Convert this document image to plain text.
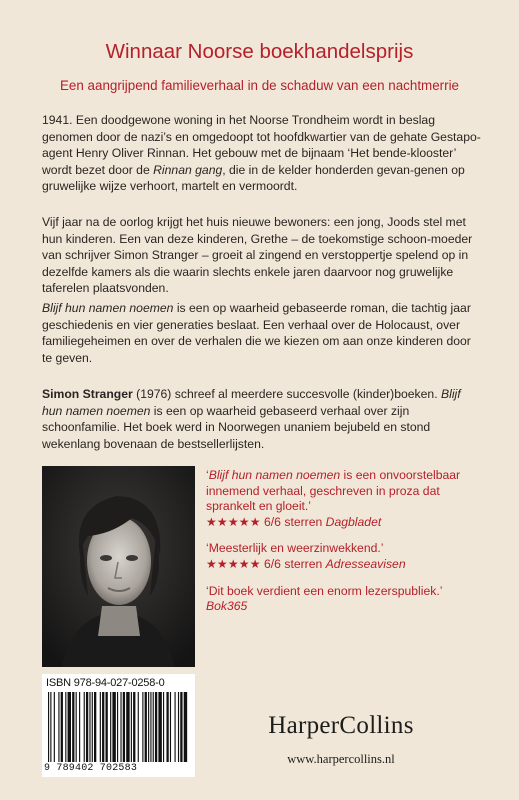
Winnaar Noorse boekhandelsprijs
Een aangrijpend familieverhaal in de schaduw van een nachtmerrie
1941. Een doodgewone woning in het Noorse Trondheim wordt in beslag genomen door de nazi’s en omgedoopt tot hoofdkwartier van de gehate Gestapo-agent Henry Oliver Rinnan. Het gebouw met de bijnaam ‘Het bende-klooster’ wordt bezet door de Rinnan gang, die in de kelder honderden gevan-genen op gruwelijke wijze verhoort, martelt en vermoordt.
Vijf jaar na de oorlog krijgt het huis nieuwe bewoners: een jong, Joods stel met hun kinderen. Een van deze kinderen, Grethe – de toekomstige schoon-moeder van schrijver Simon Stranger – groeit al zingend en verstoppertje spelend op in dezelfde kamers als die waarin slechts enkele jaren daarvoor nog gruwelijke taferelen plaatsvonden.
Blijf hun namen noemen is een op waarheid gebaseerde roman, die tachtig jaar geschiedenis en vier generaties beslaat. Een verhaal over de Holocaust, over familiegeheimen en over de verhalen die we kiezen om aan onze kinderen door te geven.
Simon Stranger (1976) schreef al meerdere succesvolle (kinder)boeken. Blijf hun namen noemen is een op waarheid gebaseerd verhaal over zijn schoonfamilie. Het boek werd in Noorwegen unaniem bejubeld en stond wekenlang bovenaan de bestsellerlijsten.
‘Blijf hun namen noemen is een onvoorstelbaar innemend verhaal, geschreven in proza dat sprankelt en gloeit.’
★★★★★ 6/6 sterren Dagbladet
‘Meesterlijk en weerzinwekkend.’
★★★★★ 6/6 sterren Adresseavisen
‘Dit boek verdient een enorm lezerspubliek.’
Bok365
ISBN 978-94-027-0258-0
9 789402 702583
HarperCollins
www.harpercollins.nl
